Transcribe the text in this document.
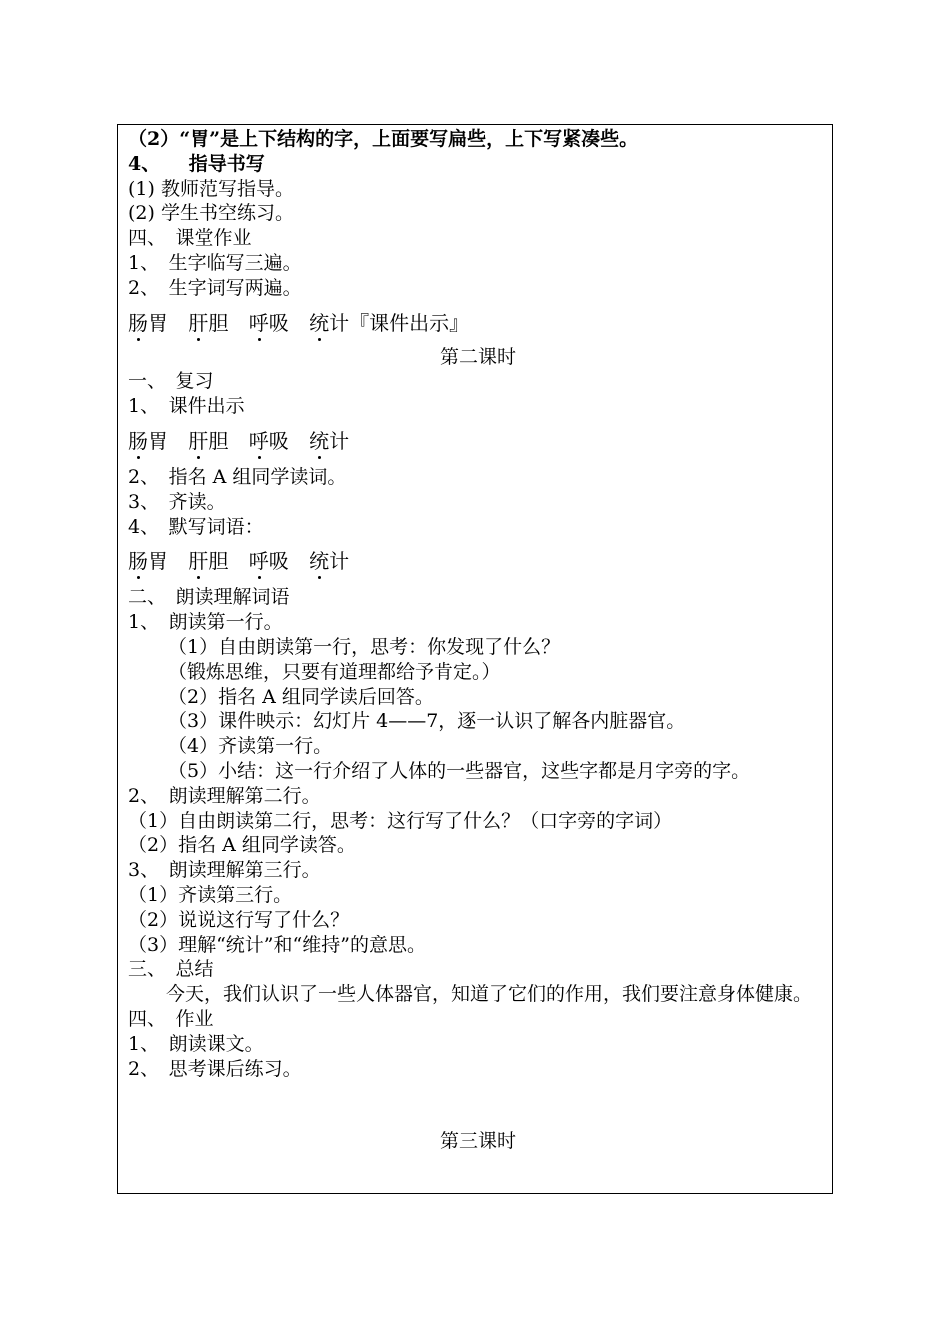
（2）“胃”是上下结构的字，上面要写扁些，上下写紧凑些。
4、　　指导书写
(1) 教师范写指导。
(2) 学生书空练习。
四、　课堂作业
1、　生字临写三遍。
2、　生字词写两遍。
肠胃 肝胆 呼吸 统计
『课件出示』
第二课时
一、　复习
1、　课件出示
肠胃 肝胆 呼吸 统计
2、　指名 A 组同学读词。
3、　齐读。
4、　默写词语：
肠胃 肝胆 呼吸 统计
二、　朗读理解词语
1、　朗读第一行。
（1）自由朗读第一行，思考：你发现了什么？
（锻炼思维，只要有道理都给予肯定。）
（2）指名 A 组同学读后回答。
（3）课件映示：幻灯片 4——7，逐一认识了解各内脏器官。
（4）齐读第一行。
（5）小结：这一行介绍了人体的一些器官，这些字都是月字旁的字。
2、　朗读理解第二行。
（1）自由朗读第二行，思考：这行写了什么？（口字旁的字词）
（2）指名 A 组同学读答。
3、　朗读理解第三行。
（1）齐读第三行。
（2）说说这行写了什么？
（3）理解“统计”和“维持”的意思。
三、　总结
今天，我们认识了一些人体器官，知道了它们的作用，我们要注意身体健康。
四、　作业
1、　朗读课文。
2、　思考课后练习。
第三课时
